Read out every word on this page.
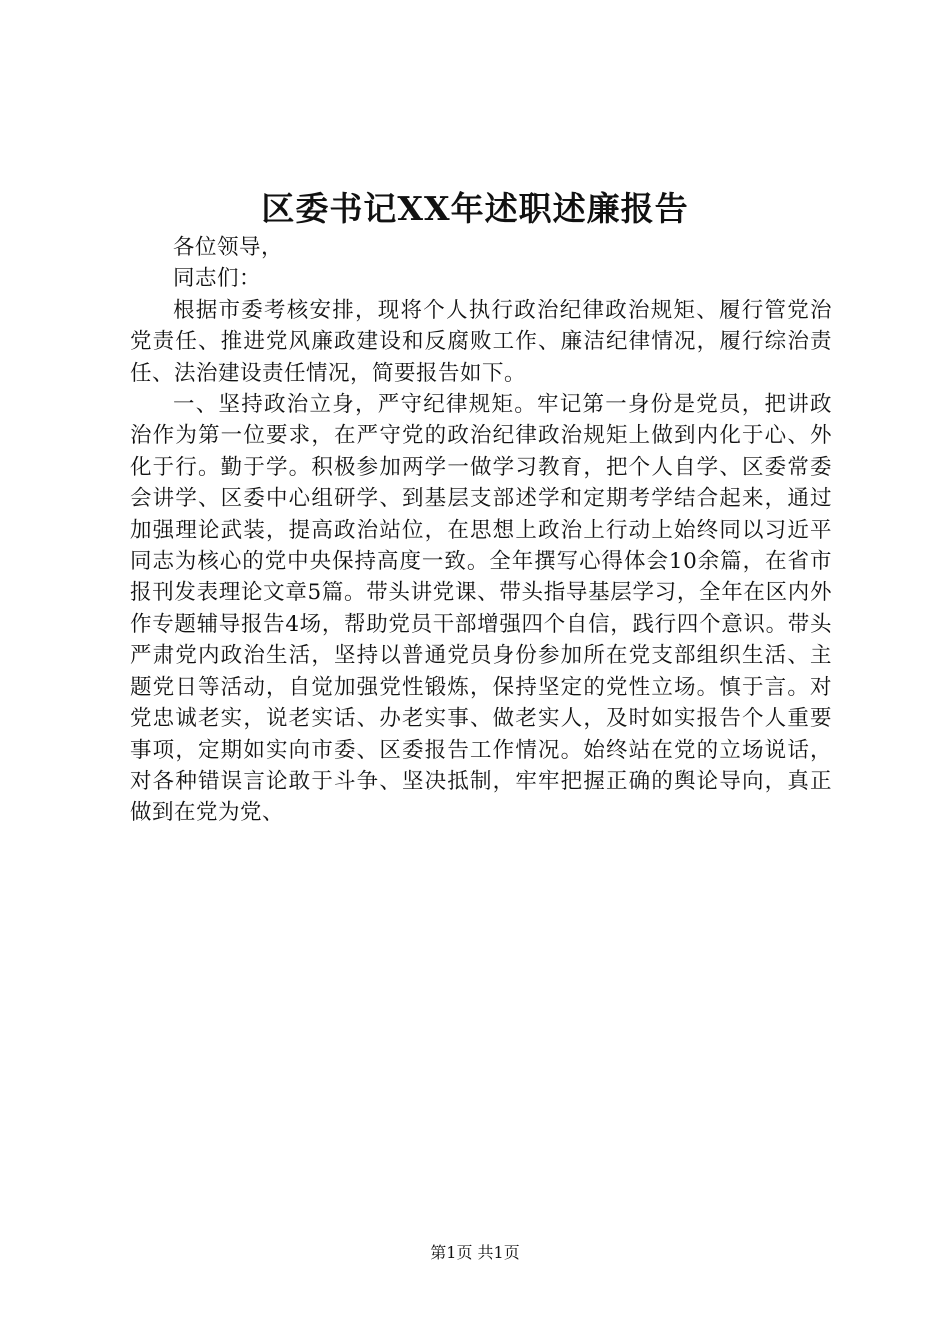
区委书记XX年述职述廉报告

各位领导，

同志们：

根据市委考核安排，现将个人执行政治纪律政治规矩、履行管党治党责任、推进党风廉政建设和反腐败工作、廉洁纪律情况，履行综治责任、法治建设责任情况，简要报告如下。

一、坚持政治立身，严守纪律规矩。牢记第一身份是党员，把讲政治作为第一位要求，在严守党的政治纪律政治规矩上做到内化于心、外化于行。勤于学。积极参加两学一做学习教育，把个人自学、区委常委会讲学、区委中心组研学、到基层支部述学和定期考学结合起来，通过加强理论武装，提高政治站位，在思想上政治上行动上始终同以习近平同志为核心的党中央保持高度一致。全年撰写心得体会10余篇，在省市报刊发表理论文章5篇。带头讲党课、带头指导基层学习，全年在区内外作专题辅导报告4场，帮助党员干部增强四个自信，践行四个意识。带头严肃党内政治生活，坚持以普通党员身份参加所在党支部组织生活、主题党日等活动，自觉加强党性锻炼，保持坚定的党性立场。慎于言。对党忠诚老实，说老实话、办老实事、做老实人，及时如实报告个人重要事项，定期如实向市委、区委报告工作情况。始终站在党的立场说话，对各种错误言论敢于斗争、坚决抵制，牢牢把握正确的舆论导向，真正做到在党为党、

第1页 共1页
